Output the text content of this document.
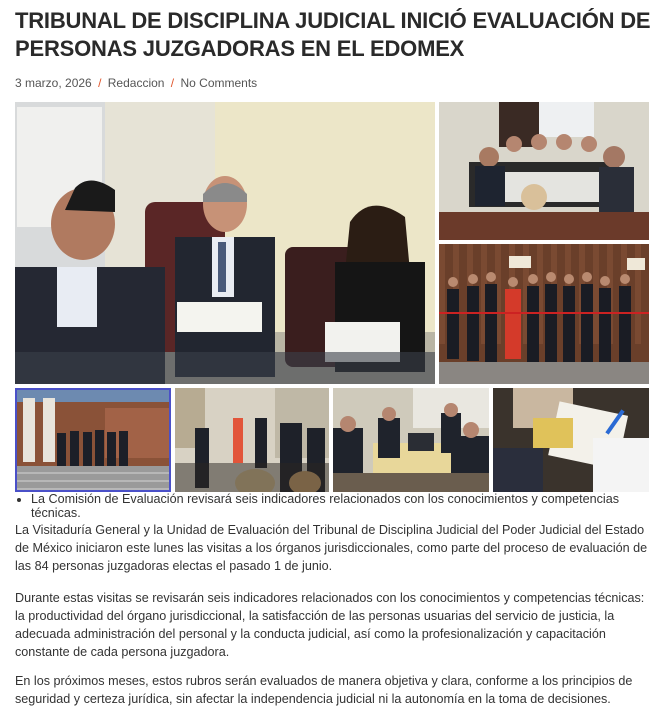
TRIBUNAL DE DISCIPLINA JUDICIAL INICIÓ EVALUACIÓN DE PERSONAS JUZGADORAS EN EL EDOMEX
3 marzo, 2026 / Redaccion / No Comments
• La Comisión de Evaluación revisará seis indicadores relacionados con los conocimientos y competencias técnicas.

La Visitaduría General y la Unidad de Evaluación del Tribunal de Disciplina Judicial del Poder Judicial del Estado de México iniciaron este lunes las visitas a los órganos jurisdiccionales, como parte del proceso de evaluación de las 84 personas juzgadoras electas el pasado 1 de junio.

Durante estas visitas se revisarán seis indicadores relacionados con los conocimientos y competencias técnicas: la productividad del órgano jurisdiccional, la satisfacción de las personas usuarias del servicio de justicia, la adecuada administración del personal y la conducta judicial, así como la profesionalización y capacitación constante de cada persona juzgadora.

En los próximos meses, estos rubros serán evaluados de manera objetiva y clara, conforme a los principios de seguridad y certeza jurídica, sin afectar la independencia judicial ni la autonomía en la toma de decisiones.
